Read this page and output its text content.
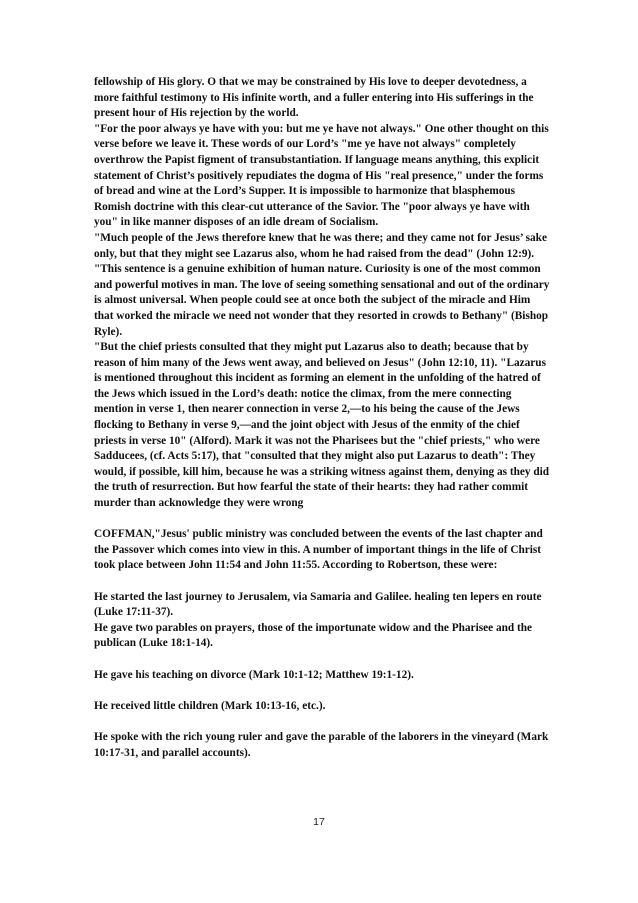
fellowship of His glory. O that we may be constrained by His love to deeper devotedness, a more faithful testimony to His infinite worth, and a fuller entering into His sufferings in the present hour of His rejection by the world.

"For the poor always ye have with you: but me ye have not always." One other thought on this verse before we leave it. These words of our Lord’s "me ye have not always" completely overthrow the Papist figment of transubstantiation. If language means anything, this explicit statement of Christ’s positively repudiates the dogma of His "real presence," under the forms of bread and wine at the Lord’s Supper. It is impossible to harmonize that blasphemous Romish doctrine with this clear-cut utterance of the Savior. The "poor always ye have with you" in like manner disposes of an idle dream of Socialism.

"Much people of the Jews therefore knew that he was there; and they came not for Jesus’ sake only, but that they might see Lazarus also, whom he had raised from the dead" (John 12:9). "This sentence is a genuine exhibition of human nature. Curiosity is one of the most common and powerful motives in man. The love of seeing something sensational and out of the ordinary is almost universal. When people could see at once both the subject of the miracle and Him that worked the miracle we need not wonder that they resorted in crowds to Bethany" (Bishop Ryle).

"But the chief priests consulted that they might put Lazarus also to death; because that by reason of him many of the Jews went away, and believed on Jesus" (John 12:10, 11). "Lazarus is mentioned throughout this incident as forming an element in the unfolding of the hatred of the Jews which issued in the Lord’s death: notice the climax, from the mere connecting mention in verse 1, then nearer connection in verse 2,—to his being the cause of the Jews flocking to Bethany in verse 9,—and the joint object with Jesus of the enmity of the chief priests in verse 10" (Alford). Mark it was not the Pharisees but the "chief priests," who were Sadducees, (cf. Acts 5:17), that "consulted that they might also put Lazarus to death": They would, if possible, kill him, because he was a striking witness against them, denying as they did the truth of resurrection. But how fearful the state of their hearts: they had rather commit murder than acknowledge they were wrong

COFFMAN,"Jesus' public ministry was concluded between the events of the last chapter and the Passover which comes into view in this. A number of important things in the life of Christ took place between John 11:54 and John 11:55. According to Robertson, these were:

He started the last journey to Jerusalem, via Samaria and Galilee. healing ten lepers en route (Luke 17:11-37).

He gave two parables on prayers, those of the importunate widow and the Pharisee and the publican (Luke 18:1-14).

He gave his teaching on divorce (Mark 10:1-12; Matthew 19:1-12).

He received little children (Mark 10:13-16, etc.).

He spoke with the rich young ruler and gave the parable of the laborers in the vineyard (Mark 10:17-31, and parallel accounts).

17
